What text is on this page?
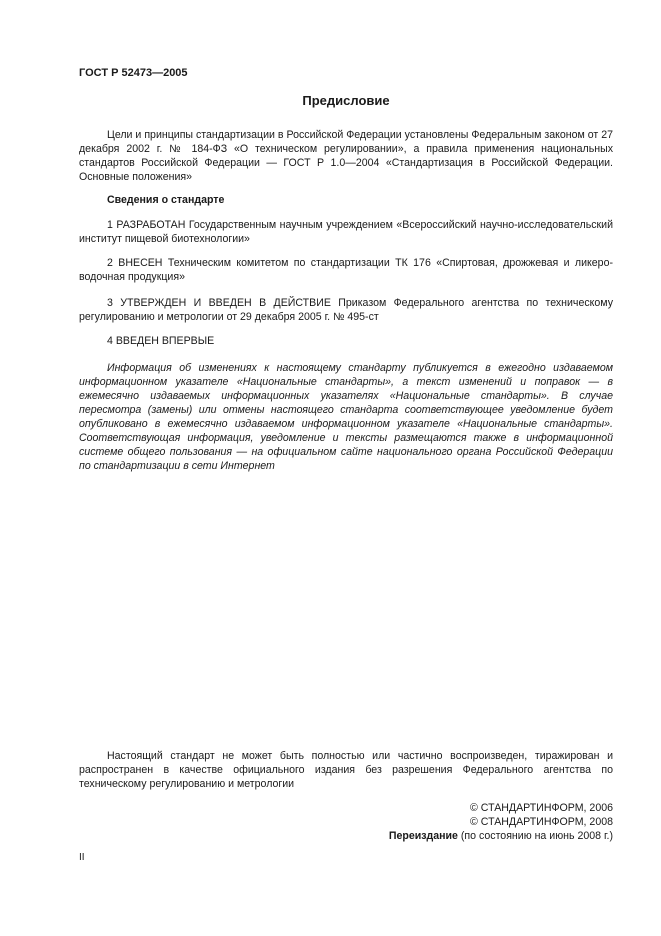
ГОСТ Р 52473—2005
Предисловие
Цели и принципы стандартизации в Российской Федерации установлены Федеральным законом от 27 декабря 2002 г. № 184-ФЗ «О техническом регулировании», а правила применения национальных стандартов Российской Федерации — ГОСТ Р 1.0—2004 «Стандартизация в Российской Федерации. Основные положения»
Сведения о стандарте
1 РАЗРАБОТАН Государственным научным учреждением «Всероссийский научно-исследовательский институт пищевой биотехнологии»
2 ВНЕСЕН Техническим комитетом по стандартизации ТК 176 «Спиртовая, дрожжевая и ликеро-водочная продукция»
3 УТВЕРЖДЕН И ВВЕДЕН В ДЕЙСТВИЕ Приказом Федерального агентства по техническому регулированию и метрологии от 29 декабря 2005 г. № 495-ст
4 ВВЕДЕН ВПЕРВЫЕ
Информация об изменениях к настоящему стандарту публикуется в ежегодно издаваемом информационном указателе «Национальные стандарты», а текст изменений и поправок — в ежемесячно издаваемых информационных указателях «Национальные стандарты». В случае пересмотра (замены) или отмены настоящего стандарта соответствующее уведомление будет опубликовано в ежемесячно издаваемом информационном указателе «Национальные стандарты». Соответствующая информация, уведомление и тексты размещаются также в информационной системе общего пользования — на официальном сайте национального органа Российской Федерации по стандартизации в сети Интернет
Настоящий стандарт не может быть полностью или частично воспроизведен, тиражирован и распространен в качестве официального издания без разрешения Федерального агентства по техническому регулированию и метрологии
© СТАНДАРТИНФОРМ, 2006
© СТАНДАРТИНФОРМ, 2008
Переиздание (по состоянию на июнь 2008 г.)
II
